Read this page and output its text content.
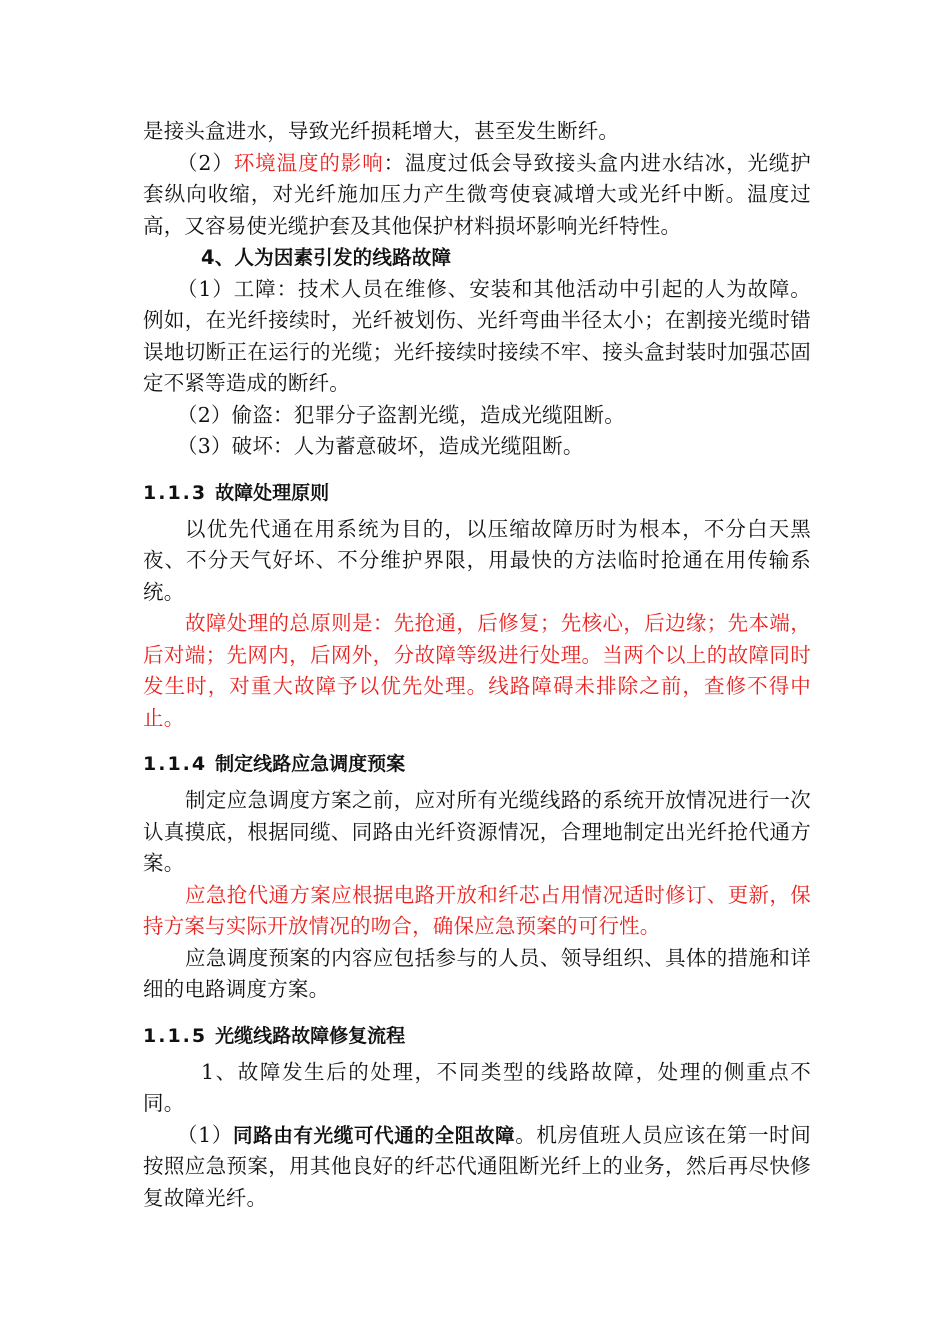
是接头盒进水，导致光纤损耗增大，甚至发生断纤。

（2）环境温度的影响：温度过低会导致接头盒内进水结冰，光缆护套纵向收缩，对光纤施加压力产生微弯使衰减增大或光纤中断。温度过高，又容易使光缆护套及其他保护材料损坏影响光纤特性。

4、人为因素引发的线路故障

（1）工障：技术人员在维修、安装和其他活动中引起的人为故障。例如，在光纤接续时，光纤被划伤、光纤弯曲半径太小；在割接光缆时错误地切断正在运行的光缆；光纤接续时接续不牢、接头盒封装时加强芯固定不紧等造成的断纤。

（2）偷盗：犯罪分子盗割光缆，造成光缆阻断。

（3）破坏：人为蓄意破坏，造成光缆阻断。

1.1.3 故障处理原则

以优先代通在用系统为目的，以压缩故障历时为根本，不分白天黑夜、不分天气好坏、不分维护界限，用最快的方法临时抢通在用传输系统。

故障处理的总原则是：先抢通，后修复；先核心，后边缘；先本端，后对端；先网内，后网外，分故障等级进行处理。当两个以上的故障同时发生时，对重大故障予以优先处理。线路障碍未排除之前，查修不得中止。

1.1.4 制定线路应急调度预案

制定应急调度方案之前，应对所有光缆线路的系统开放情况进行一次认真摸底，根据同缆、同路由光纤资源情况，合理地制定出光纤抢代通方案。

应急抢代通方案应根据电路开放和纤芯占用情况适时修订、更新，保持方案与实际开放情况的吻合，确保应急预案的可行性。

应急调度预案的内容应包括参与的人员、领导组织、具体的措施和详细的电路调度方案。

1.1.5 光缆线路故障修复流程

1、故障发生后的处理，不同类型的线路故障，处理的侧重点不同。

（1）同路由有光缆可代通的全阻故障。机房值班人员应该在第一时间按照应急预案，用其他良好的纤芯代通阻断光纤上的业务，然后再尽快修复故障光纤。
